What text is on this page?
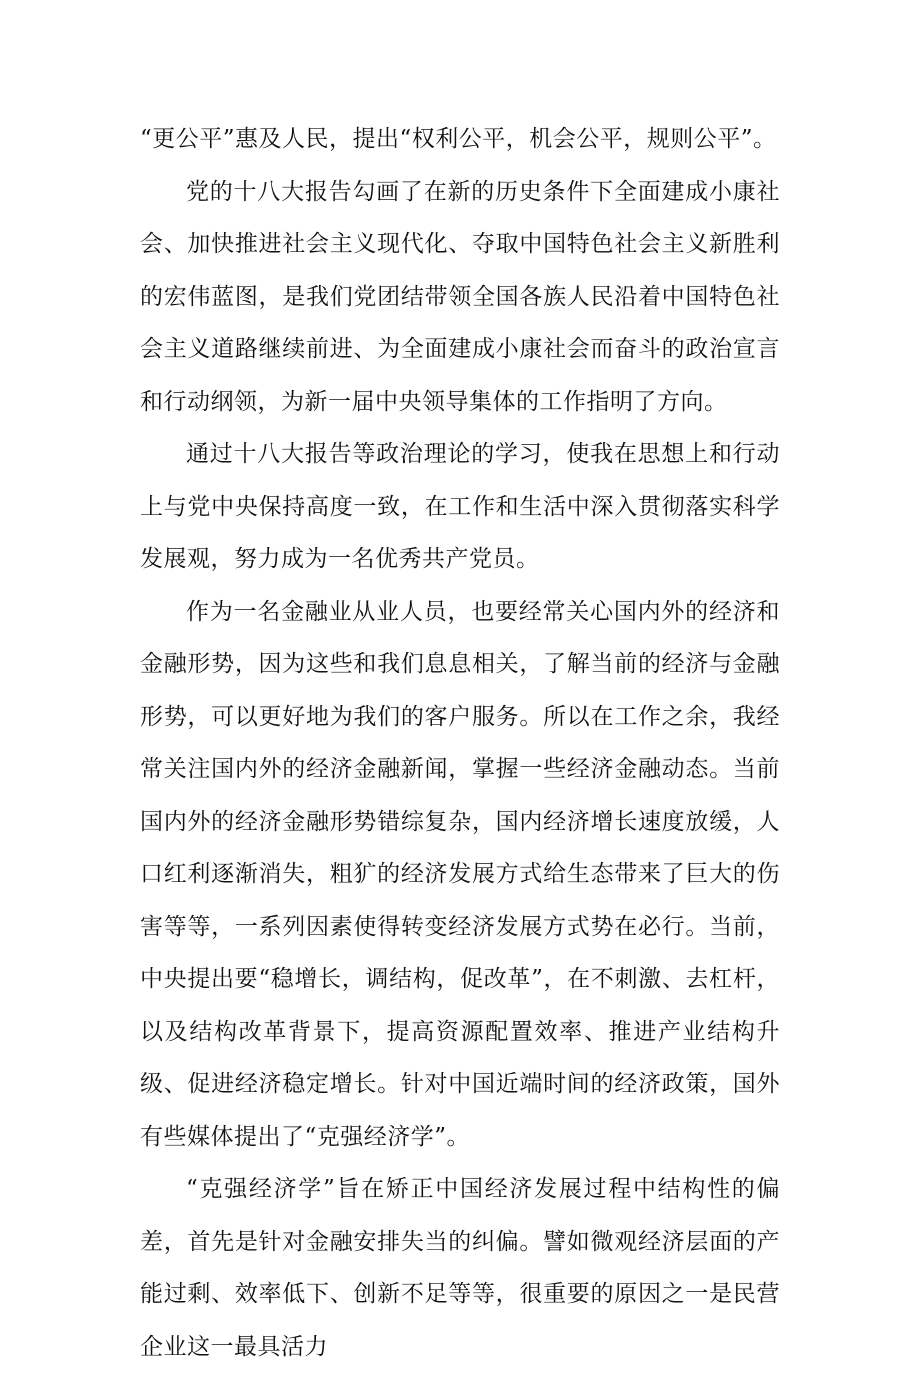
“更公平”惠及人民，提出“权利公平，机会公平，规则公平”。

党的十八大报告勾画了在新的历史条件下全面建成小康社会、加快推进社会主义现代化、夺取中国特色社会主义新胜利的宏伟蓝图，是我们党团结带领全国各族人民沿着中国特色社会主义道路继续前进、为全面建成小康社会而奋斗的政治宣言和行动纲领，为新一届中央领导集体的工作指明了方向。

通过十八大报告等政治理论的学习，使我在思想上和行动上与党中央保持高度一致，在工作和生活中深入贯彻落实科学发展观，努力成为一名优秀共产党员。

作为一名金融业从业人员，也要经常关心国内外的经济和金融形势，因为这些和我们息息相关，了解当前的经济与金融形势，可以更好地为我们的客户服务。所以在工作之余，我经常关注国内外的经济金融新闻，掌握一些经济金融动态。当前国内外的经济金融形势错综复杂，国内经济增长速度放缓，人口红利逐渐消失，粗犷的经济发展方式给生态带来了巨大的伤害等等，一系列因素使得转变经济发展方式势在必行。当前，中央提出要“稳增长，调结构，促改革”，在不刺激、去杠杆，以及结构改革背景下，提高资源配置效率、推进产业结构升级、促进经济稳定增长。针对中国近端时间的经济政策，国外有些媒体提出了“克强经济学”。

“克强经济学”旨在矫正中国经济发展过程中结构性的偏差，首先是针对金融安排失当的纠偏。譬如微观经济层面的产能过剩、效率低下、创新不足等等，很重要的原因之一是民营企业这一最具活力
